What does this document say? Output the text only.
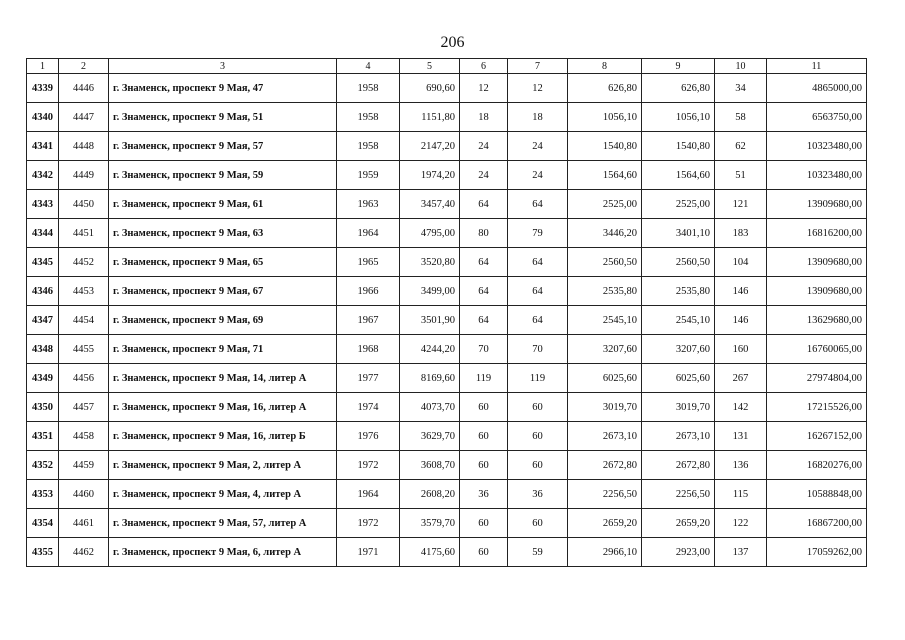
206
1	2	3	4	5	6	7	8	9	10	11
4339	4446	г. Знаменск, проспект 9 Мая, 47	1958	690,60	12	12	626,80	626,80	34	4865000,00
4340	4447	г. Знаменск, проспект 9 Мая, 51	1958	1151,80	18	18	1056,10	1056,10	58	6563750,00
4341	4448	г. Знаменск, проспект 9 Мая, 57	1958	2147,20	24	24	1540,80	1540,80	62	10323480,00
4342	4449	г. Знаменск, проспект 9 Мая, 59	1959	1974,20	24	24	1564,60	1564,60	51	10323480,00
4343	4450	г. Знаменск, проспект 9 Мая, 61	1963	3457,40	64	64	2525,00	2525,00	121	13909680,00
4344	4451	г. Знаменск, проспект 9 Мая, 63	1964	4795,00	80	79	3446,20	3401,10	183	16816200,00
4345	4452	г. Знаменск, проспект 9 Мая, 65	1965	3520,80	64	64	2560,50	2560,50	104	13909680,00
4346	4453	г. Знаменск, проспект 9 Мая, 67	1966	3499,00	64	64	2535,80	2535,80	146	13909680,00
4347	4454	г. Знаменск, проспект 9 Мая, 69	1967	3501,90	64	64	2545,10	2545,10	146	13629680,00
4348	4455	г. Знаменск, проспект 9 Мая, 71	1968	4244,20	70	70	3207,60	3207,60	160	16760065,00
4349	4456	г. Знаменск, проспект 9 Мая, 14, литер А	1977	8169,60	119	119	6025,60	6025,60	267	27974804,00
4350	4457	г. Знаменск, проспект 9 Мая, 16, литер А	1974	4073,70	60	60	3019,70	3019,70	142	17215526,00
4351	4458	г. Знаменск, проспект 9 Мая, 16, литер Б	1976	3629,70	60	60	2673,10	2673,10	131	16267152,00
4352	4459	г. Знаменск, проспект 9 Мая, 2, литер А	1972	3608,70	60	60	2672,80	2672,80	136	16820276,00
4353	4460	г. Знаменск, проспект 9 Мая, 4, литер А	1964	2608,20	36	36	2256,50	2256,50	115	10588848,00
4354	4461	г. Знаменск, проспект 9 Мая, 57, литер А	1972	3579,70	60	60	2659,20	2659,20	122	16867200,00
4355	4462	г. Знаменск, проспект 9 Мая, 6, литер А	1971	4175,60	60	59	2966,10	2923,00	137	17059262,00
